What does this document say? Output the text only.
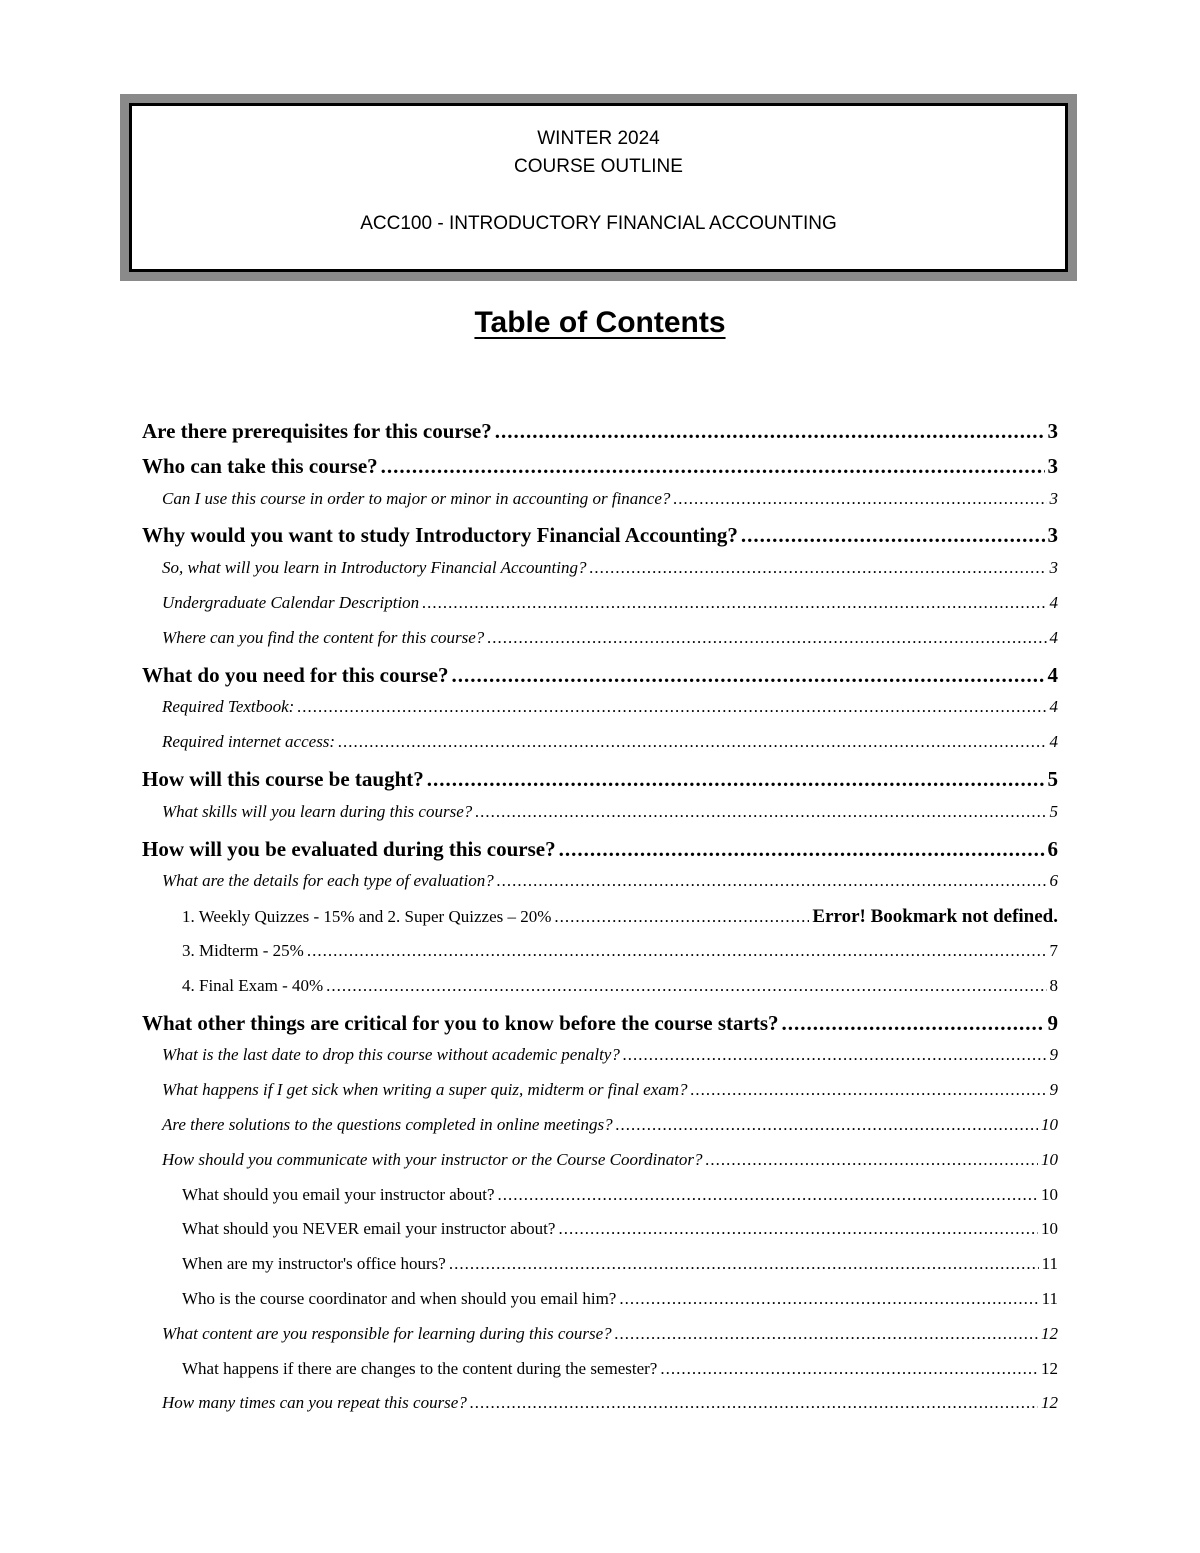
WINTER 2024
COURSE OUTLINE
ACC100 - INTRODUCTORY FINANCIAL ACCOUNTING
Table of Contents
Are there prerequisites for this course? .....	3
Who can take this course? .....	3
Can I use this course in order to major or minor in accounting or finance? .....	3
Why would you want to study Introductory Financial Accounting? .....	3
So, what will you learn in Introductory Financial Accounting? .....	3
Undergraduate Calendar Description .....	4
Where can you find the content for this course? .....	4
What do you need for this course? .....	4
Required Textbook: .....	4
Required internet access: .....	4
How will this course be taught? .....	5
What skills will you learn during this course? .....	5
How will you be evaluated during this course? .....	6
What are the details for each type of evaluation? .....	6
1. Weekly Quizzes - 15% and 2. Super Quizzes – 20% .....	Error! Bookmark not defined.
3. Midterm - 25% .....	7
4. Final Exam - 40% .....	8
What other things are critical for you to know before the course starts? .....	9
What is the last date to drop this course without academic penalty? .....	9
What happens if I get sick when writing a super quiz, midterm or final exam? .....	9
Are there solutions to the questions completed in online meetings? .....	10
How should you communicate with your instructor or the Course Coordinator? .....	10
What should you email your instructor about? .....	10
What should you NEVER email your instructor about? .....	10
When are my instructor's office hours? .....	11
Who is the course coordinator and when should you email him? .....	11
What content are you responsible for learning during this course? .....	12
What happens if there are changes to the content during the semester? .....	12
How many times can you repeat this course? .....	12
